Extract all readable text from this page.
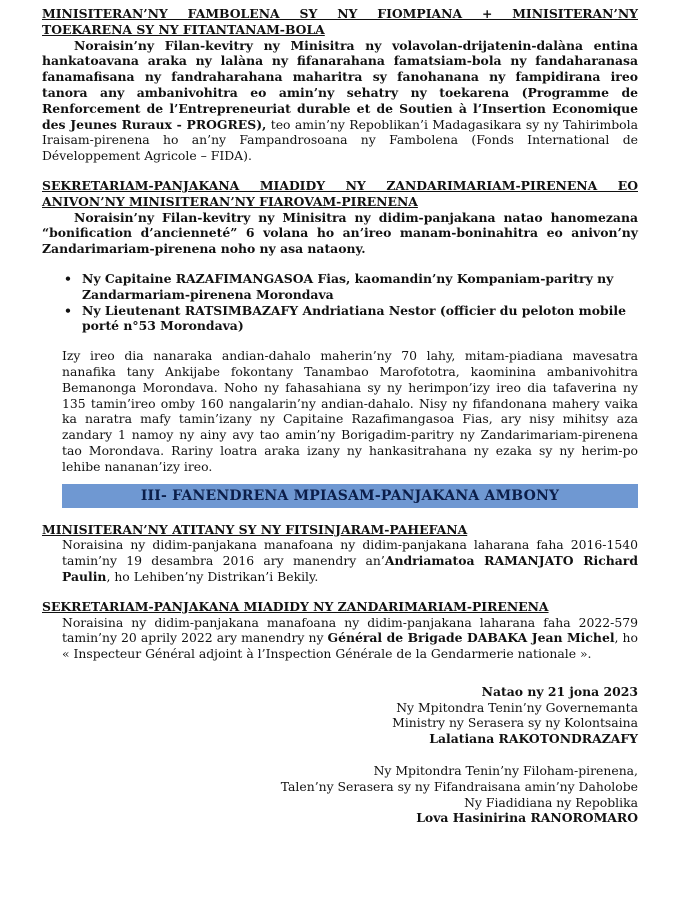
MINISITERAN’NY FAMBOLENA SY NY FIOMPIANA + MINISITERAN’NY TOEKARENA SY NY FITANTANAM-BOLA

Noraisin’ny Filan-kevitry ny Minisitra ny volavolan-drijatenin-dalàna entina hankatoavana araka ny lalàna ny fifanarahana famatsiam-bola ny fandaharanasa fanamafisana ny fandraharahana maharitra sy fanohanana ny fampidirana ireo tanora any ambanivohitra eo amin’ny sehatry ny toekarena (Programme de Renforcement de l’Entrepreneuriat durable et de Soutien à l’Insertion Economique des Jeunes Ruraux - PROGRES), teo amin’ny Repoblikan’i Madagasikara sy ny Tahirimbola Iraisam-pirenena ho an’ny Fampandrosoana ny Fambolena (Fonds International de Développement Agricole – FIDA).

SEKRETARIAM-PANJAKANA MIADIDY NY ZANDARIMARIAM-PIRENENA EO ANIVON’NY MINISITERAN’NY FIAROVAM-PIRENENA

Noraisin’ny Filan-kevitry ny Minisitra ny didim-panjakana natao hanomezana “bonification d’ancienneté” 6 volana ho an’ireo manam-boninahitra eo anivon’ny Zandarimariam-pirenena noho ny asa nataony.

• Ny Capitaine RAZAFIMANGASOA Fias, kaomandin’ny Kompaniam-paritry ny Zandarmariam-pirenena Morondava
• Ny Lieutenant RATSIMBAZAFY Andriatiana Nestor (officier du peloton mobile porté n°53 Morondava)

Izy ireo dia nanaraka andian-dahalo maherin’ny 70 lahy, mitam-piadiana mavesatra nanafika tany Ankijabe fokontany Tanambao Marofototra, kaominina ambanivohitra Bemanonga Morondava. Noho ny fahasahiana sy ny herimpon’izy ireo dia tafaverina ny 135 tamin’ireo omby 160 nangalarin’ny andian-dahalo. Nisy ny fifandonana mahery vaika ka naratra mafy tamin’izany ny Capitaine Razafimangasoa Fias, ary nisy mihitsy aza zandary 1 namoy ny ainy avy tao amin’ny Borigadim-paritry ny Zandarimariam-pirenena tao Morondava. Rariny loatra araka izany ny hankasitrahana ny ezaka sy ny herim-po lehibe nananan’izy ireo.

III- FANENDRENA MPIASAM-PANJAKANA AMBONY

MINISITERAN’NY ATITANY SY NY FITSINJARAM-PAHEFANA

Noraisina ny didim-panjakana manafoana ny didim-panjakana laharana faha 2016-1540 tamin’ny 19 desambra 2016 ary manendry an’Andriamatoa RAMANJATO Richard Paulin, ho Lehiben’ny Distrikan’i Bekily.

SEKRETARIAM-PANJAKANA MIADIDY NY ZANDARIMARIAM-PIRENENA

Noraisina ny didim-panjakana manafoana ny didim-panjakana laharana faha 2022-579 tamin’ny 20 aprily 2022 ary manendry ny Général de Brigade DABAKA Jean Michel, ho « Inspecteur Général adjoint à l’Inspection Générale de la Gendarmerie nationale ».

Natao ny 21 jona 2023

Ny Mpitondra Tenin’ny Governemanta

Ministry ny Serasera sy ny Kolontsaina

Lalatiana RAKOTONDRAZAFY

Ny Mpitondra Tenin’ny Filoham-pirenena,

Talen’ny Serasera sy ny Fifandraisana amin’ny Daholobe

Ny Fiadidiana ny Repoblika

Lova Hasinirina RANOROMARO
